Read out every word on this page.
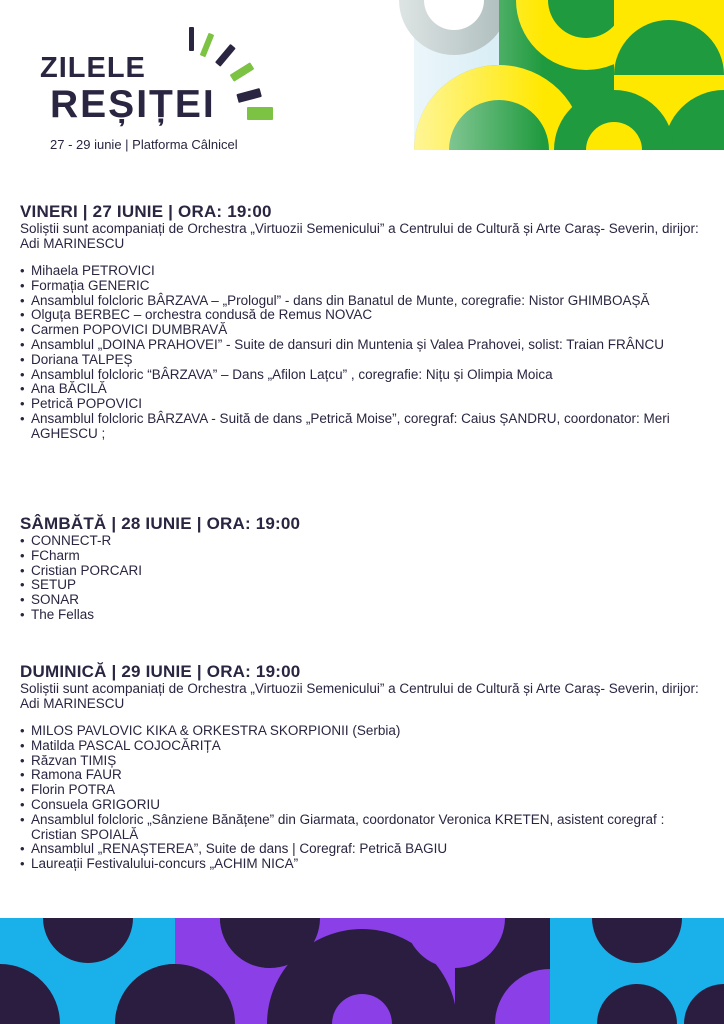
ZILELE
REȘIȚEI
27 - 29 iunie | Platforma Câlnicel
VINERI | 27 IUNIE | ORA: 19:00
Soliștii sunt acompaniați de Orchestra „Virtuozii Semenicului” a Centrului de Cultură și Arte Caraș- Severin, dirijor: Adi MARINESCU
• Mihaela PETROVICI
• Formația GENERIC
• Ansamblul folcloric BÂRZAVA – „Prologul” - dans din Banatul de Munte, coregrafie: Nistor GHIMBOAȘĂ
• Olguța BERBEC – orchestra condusă de Remus NOVAC
• Carmen POPOVICI DUMBRAVĂ
• Ansamblul „DOINA PRAHOVEI” - Suite de dansuri din Muntenia și Valea Prahovei, solist: Traian FRÂNCU
• Doriana TALPEȘ
• Ansamblul folcloric “BÂRZAVA” – Dans „Afilon Lațcu” , coregrafie: Nițu și Olimpia Moica
• Ana BĂCILĂ
• Petrică POPOVICI
• Ansamblul folcloric BÂRZAVA - Suită de dans „Petrică Moise”, coregraf: Caius ȘANDRU, coordonator: Meri AGHESCU ;
SÂMBĂTĂ | 28 IUNIE | ORA: 19:00
• CONNECT-R
• FCharm
• Cristian PORCARI
• SETUP
• SONAR
• The Fellas
DUMINICĂ | 29 IUNIE | ORA: 19:00
Soliștii sunt acompaniați de Orchestra „Virtuozii Semenicului” a Centrului de Cultură și Arte Caraș- Severin, dirijor: Adi MARINESCU
• MILOS PAVLOVIC KIKA & ORKESTRA SKORPIONII (Serbia)
• Matilda PASCAL COJOCĂRIȚA
• Răzvan TIMIȘ
• Ramona FAUR
• Florin POTRA
• Consuela GRIGORIU
• Ansamblul folcloric „Sânziene Bănățene” din Giarmata, coordonator Veronica KRETEN, asistent coregraf : Cristian SPOIALĂ
• Ansamblul „RENAȘTEREA”, Suite de dans | Coregraf: Petrică BAGIU
• Laureații Festivalului-concurs „ACHIM NICA”
